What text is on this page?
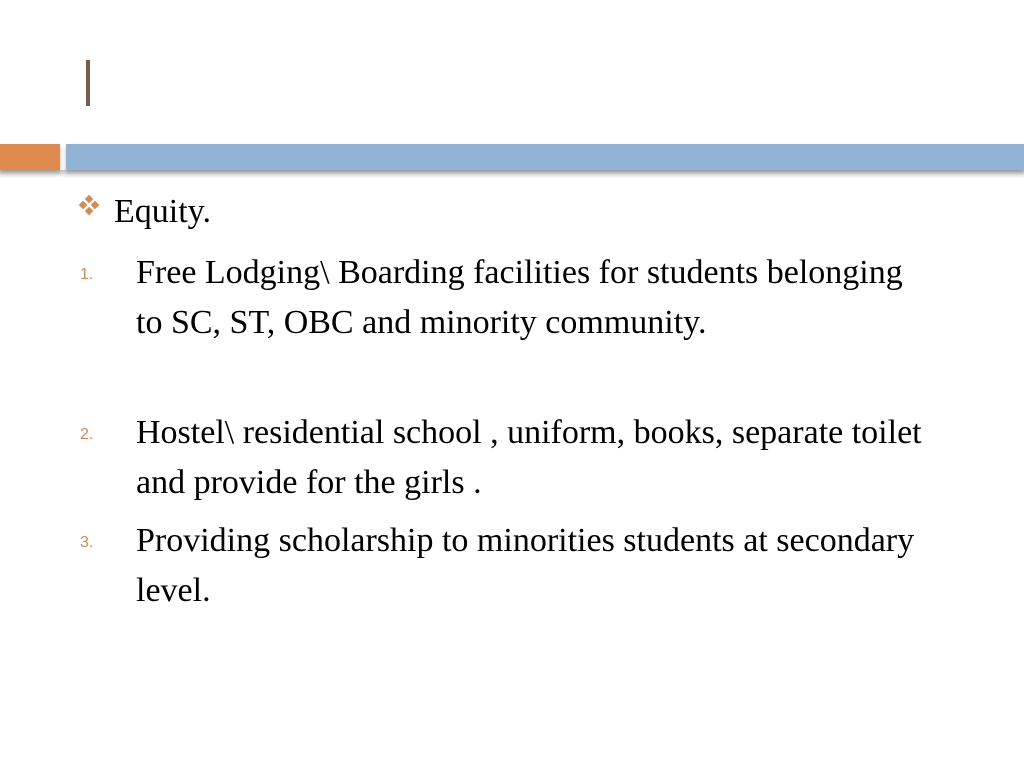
Equity.
1. Free Lodging\ Boarding facilities for students belonging to SC, ST, OBC and minority community.
2. Hostel\ residential school , uniform, books, separate toilet and provide for the girls .
3. Providing scholarship to minorities students at secondary level.
